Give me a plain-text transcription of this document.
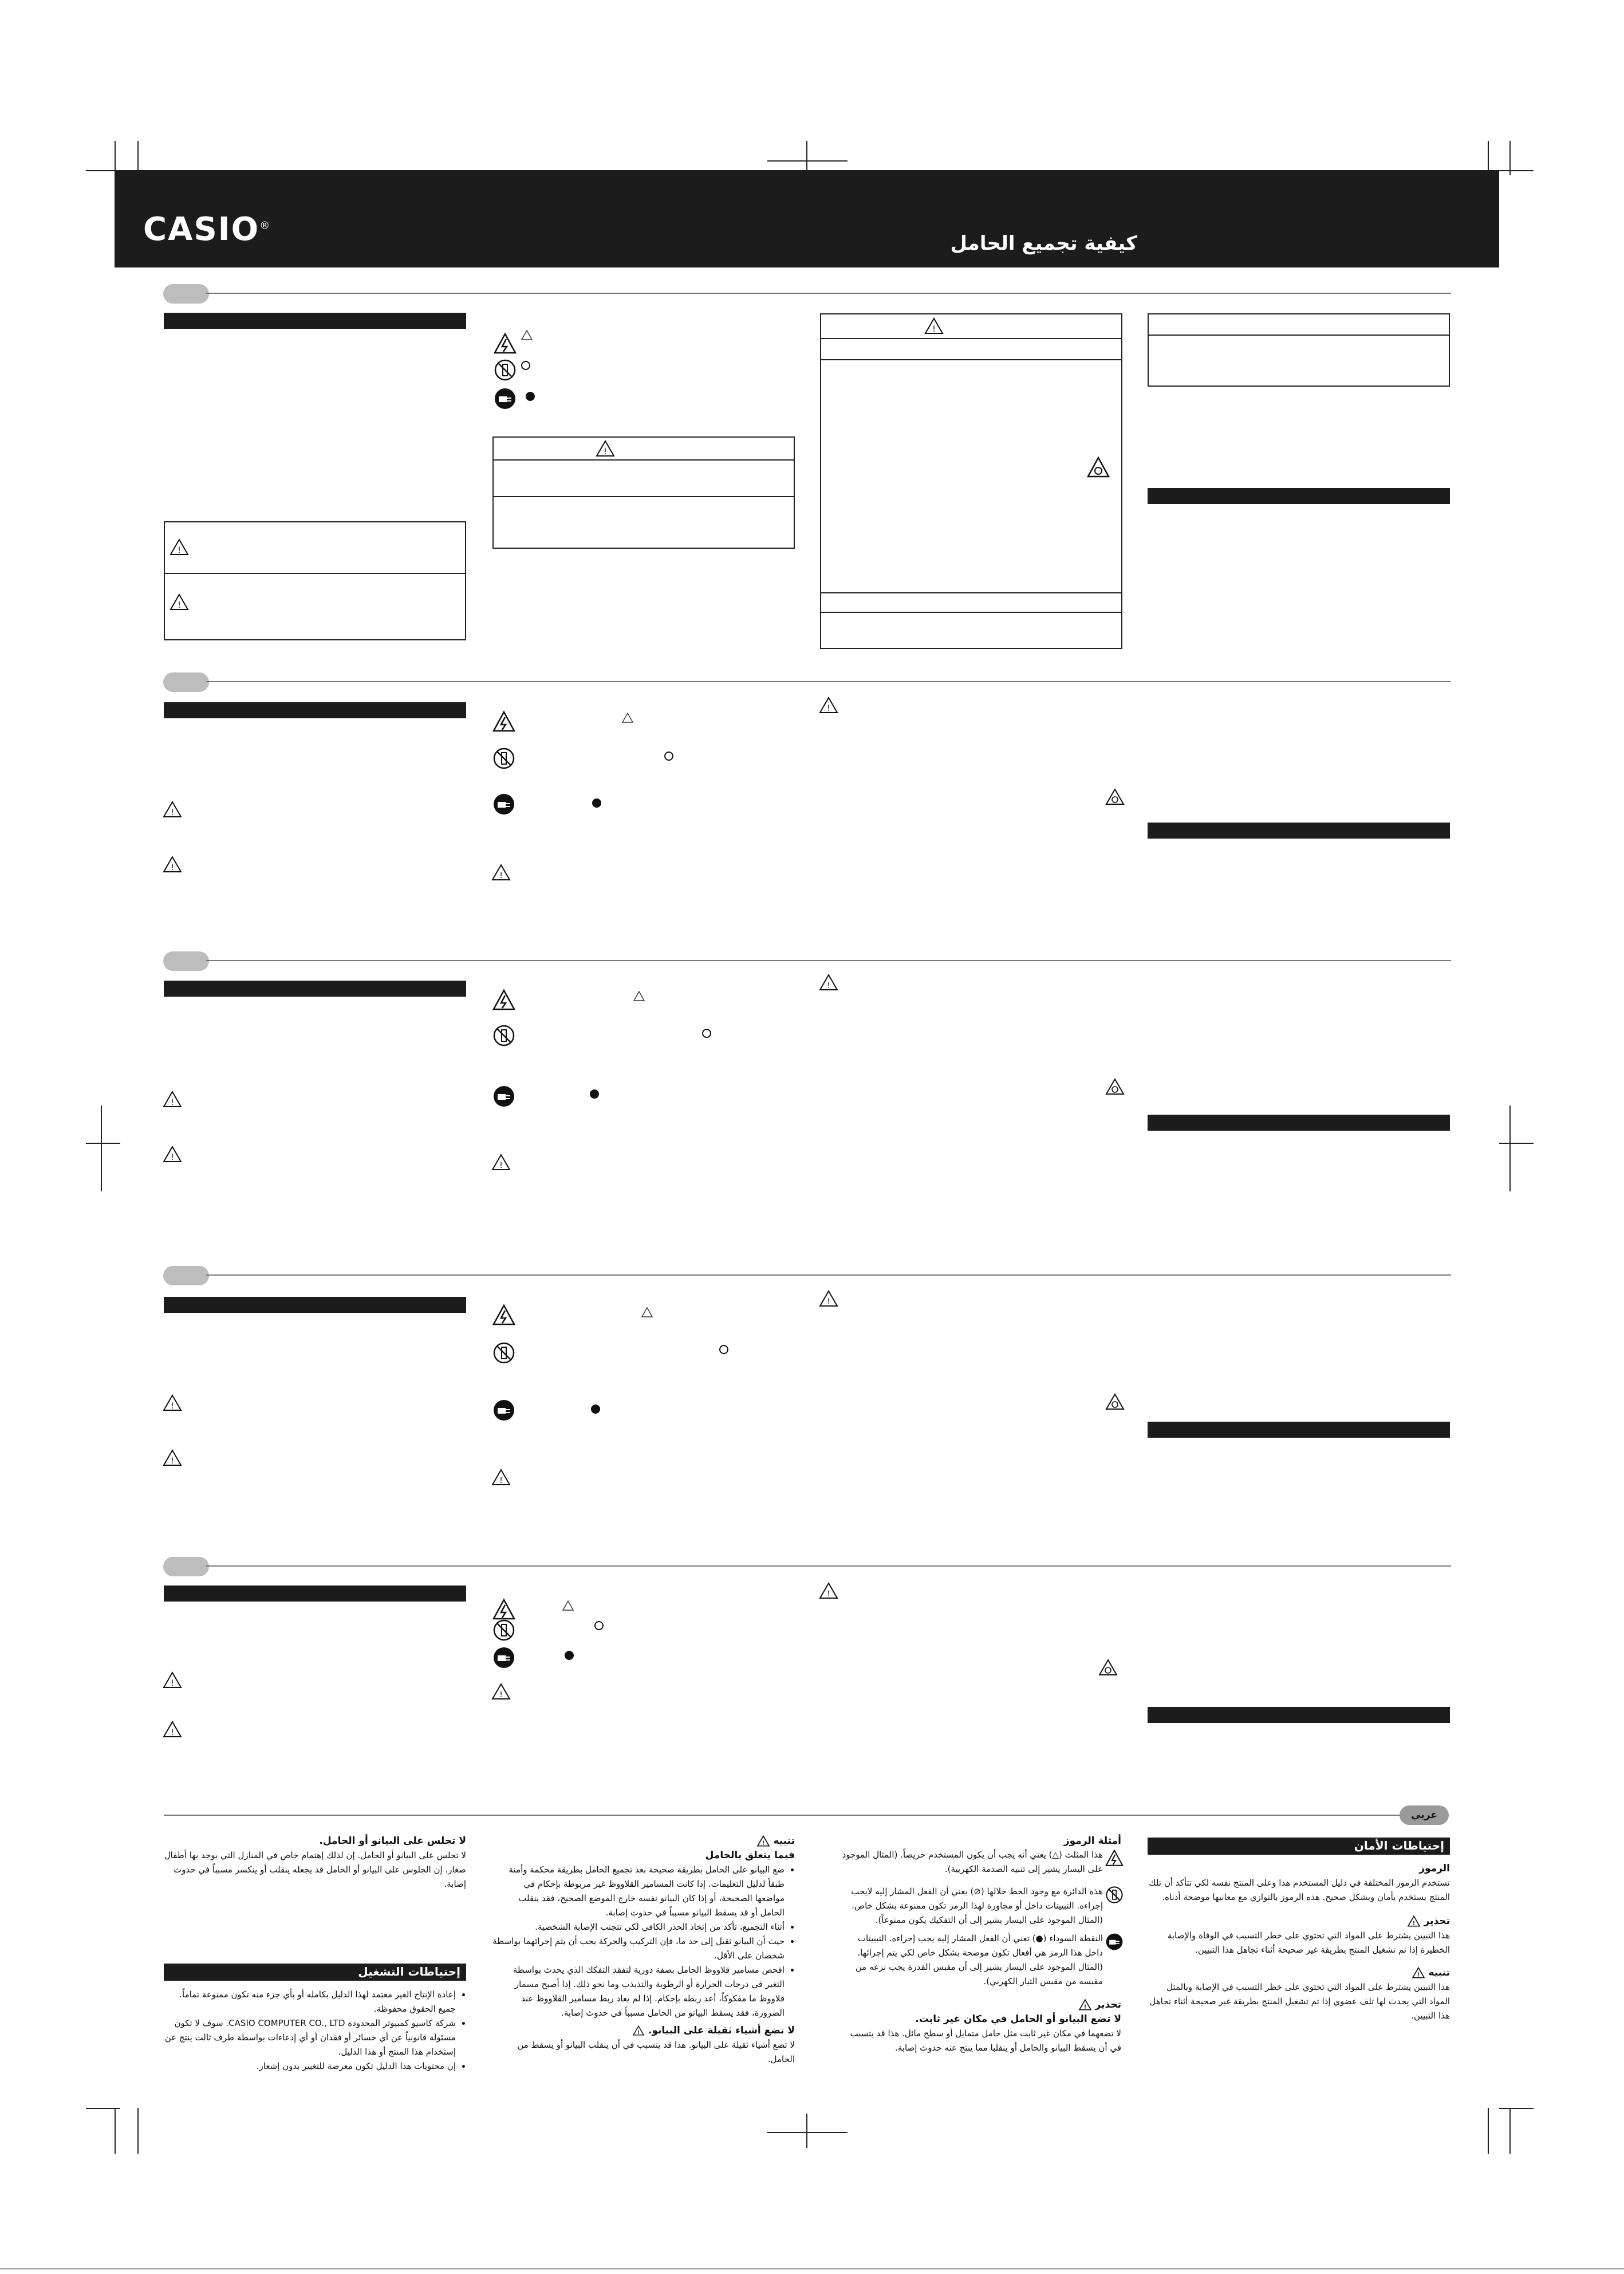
CASIO®
كيفية تجميع الحامل
!
!
!
!
!
!
!
!
!
!
!
!
!
!
!
!
!
!
!
!
عربي
إحتياطات الأمان
الرموز

تستخدم الرموز المختلفة في دليل المستخدم هذا وعلى المنتج نفسه لكي تتأكد أن تلك المنتج يستخدم بأمان وبشكل صحيح. هذه الرموز بالتوازي مع معانيها موضحة أدناه.

تحذير
!

هذا التبيين يشترط على المواد التي تحتوي على خطر التسبب في الوفاة والإصابة الخطيرة إذا تم تشغيل المنتج بطريقة غير صحيحة أثناء تجاهل هذا التبيين.

تنبيه
!

هذا التبيين يشترط على المواد التي تحتوي على خطر التسبب في الإصابة وبالمثل المواد التي يحدث لها تلف عضوي إذا تم تشغيل المنتج بطريقة غير صحيحة أثناء تجاهل هذا التبيين.

أمثلة الرموز
هذا المثلث (△) يعني أنه يجب أن يكون المستخدم حريصاً. (المثال الموجود على اليسار يشير إلى تنبيه الصدمة الكهربية).
هذه الدائرة مع وجود الخط خلالها (⊘) يعني أن الفعل المشار إليه لايجب إجراءه. التبيينات داخل أو مجاورة لهذا الرمز تكون ممنوعة بشكل خاص. (المثال الموجود على اليسار يشير إلى أن التفكيك يكون ممنوعاً).
النقطة السوداء (●) تعني أن الفعل المشار إليه يجب إجراءه. التبيينات داخل هذا الرمز هي أفعال تكون موضحة بشكل خاص لكي يتم إجرائها. (المثال الموجود على اليسار يشير إلى أن مقبس القدرة يجب نزعه من مقبسه من مقبس التيار الكهربي).
تحذير
!
لا تضع البيانو أو الحامل في مكان غير ثابت.

لا تضعهما في مكان غير ثابت مثل حامل متمايل أو سطح مائل. هذا قد يتسبب في أن يسقط البيانو والحامل أو ينقلبا مما ينتج عنه حدوث إصابة.

تنبيه
!
فيما يتعلق بالحامل
• ضع البيانو على الحامل بطريقة صحيحة بعد تجميع الحامل بطريقة محكمة وأمنة طبقاً لدليل التعليمات. إذا كانت المسامير القلاووظ غير مربوطة بإحكام في مواضعها الصحيحة، أو إذا كان البيانو نفسه خارج الموضع الصحيح، فقد ينقلب الحامل أو قد يسقط البيانو مسبباً في حدوث إصابة.
• أثناء التجميع، تأكد من إتخاذ الحذر الكافي لكي تتجنب الإصابة الشخصية.
• حيث أن البيانو ثقيل إلى حد ما، فإن التركيب والحركة يجب أن يتم إجرائهما بواسطة شخصان على الأقل.
• افحص مسامير قلاووظ الحامل بصفة دورية لتفقد التفكك الذي يحدث بواسطة التغير في درجات الحرارة أو الرطوبة والتذبذب وما نحو ذلك. إذا أصبح مسمار قلاووظ ما مفكوكاً، أعد ربطه بإحكام. إذا لم يعاد ربط مسامير القلاووظ عند الضرورة، فقد يسقط البيانو من الحامل مسبباً في حدوث إصابة.
لا تضع أشياء ثقيلة على البيانو.
!

لا تضع أشياء ثقيلة على البيانو. هذا قد يتسبب في أن ينقلب البيانو أو يسقط من الحامل.

لا تجلس على البيانو أو الحامل.

لا تجلس على البيانو أو الحامل. إن لذلك إهتمام خاص في المنازل التي يوجد بها أطفال صغار. إن الجلوس على البيانو أو الحامل قد يجعله ينقلب أو ينكسر مسبباً في حدوث إصابة.

إحتياطات التشغيل
• إعادة الإنتاج الغير معتمد لهذا الدليل بكامله أو بأي جزء منه تكون ممنوعة تماماً. جميع الحقوق محفوظة.
• شركة كاسيو كمبيوتر المحدودة CASIO COMPUTER CO., LTD. سوف لا تكون مسئولة قانونياً عن أي خسائر أو فقدان أو أي إدعاءات بواسطة طرف ثالث ينتج عن إستخدام هذا المنتج أو هذا الدليل.
• إن محتويات هذا الدليل تكون معرضة للتغيير بدون إشعار.
